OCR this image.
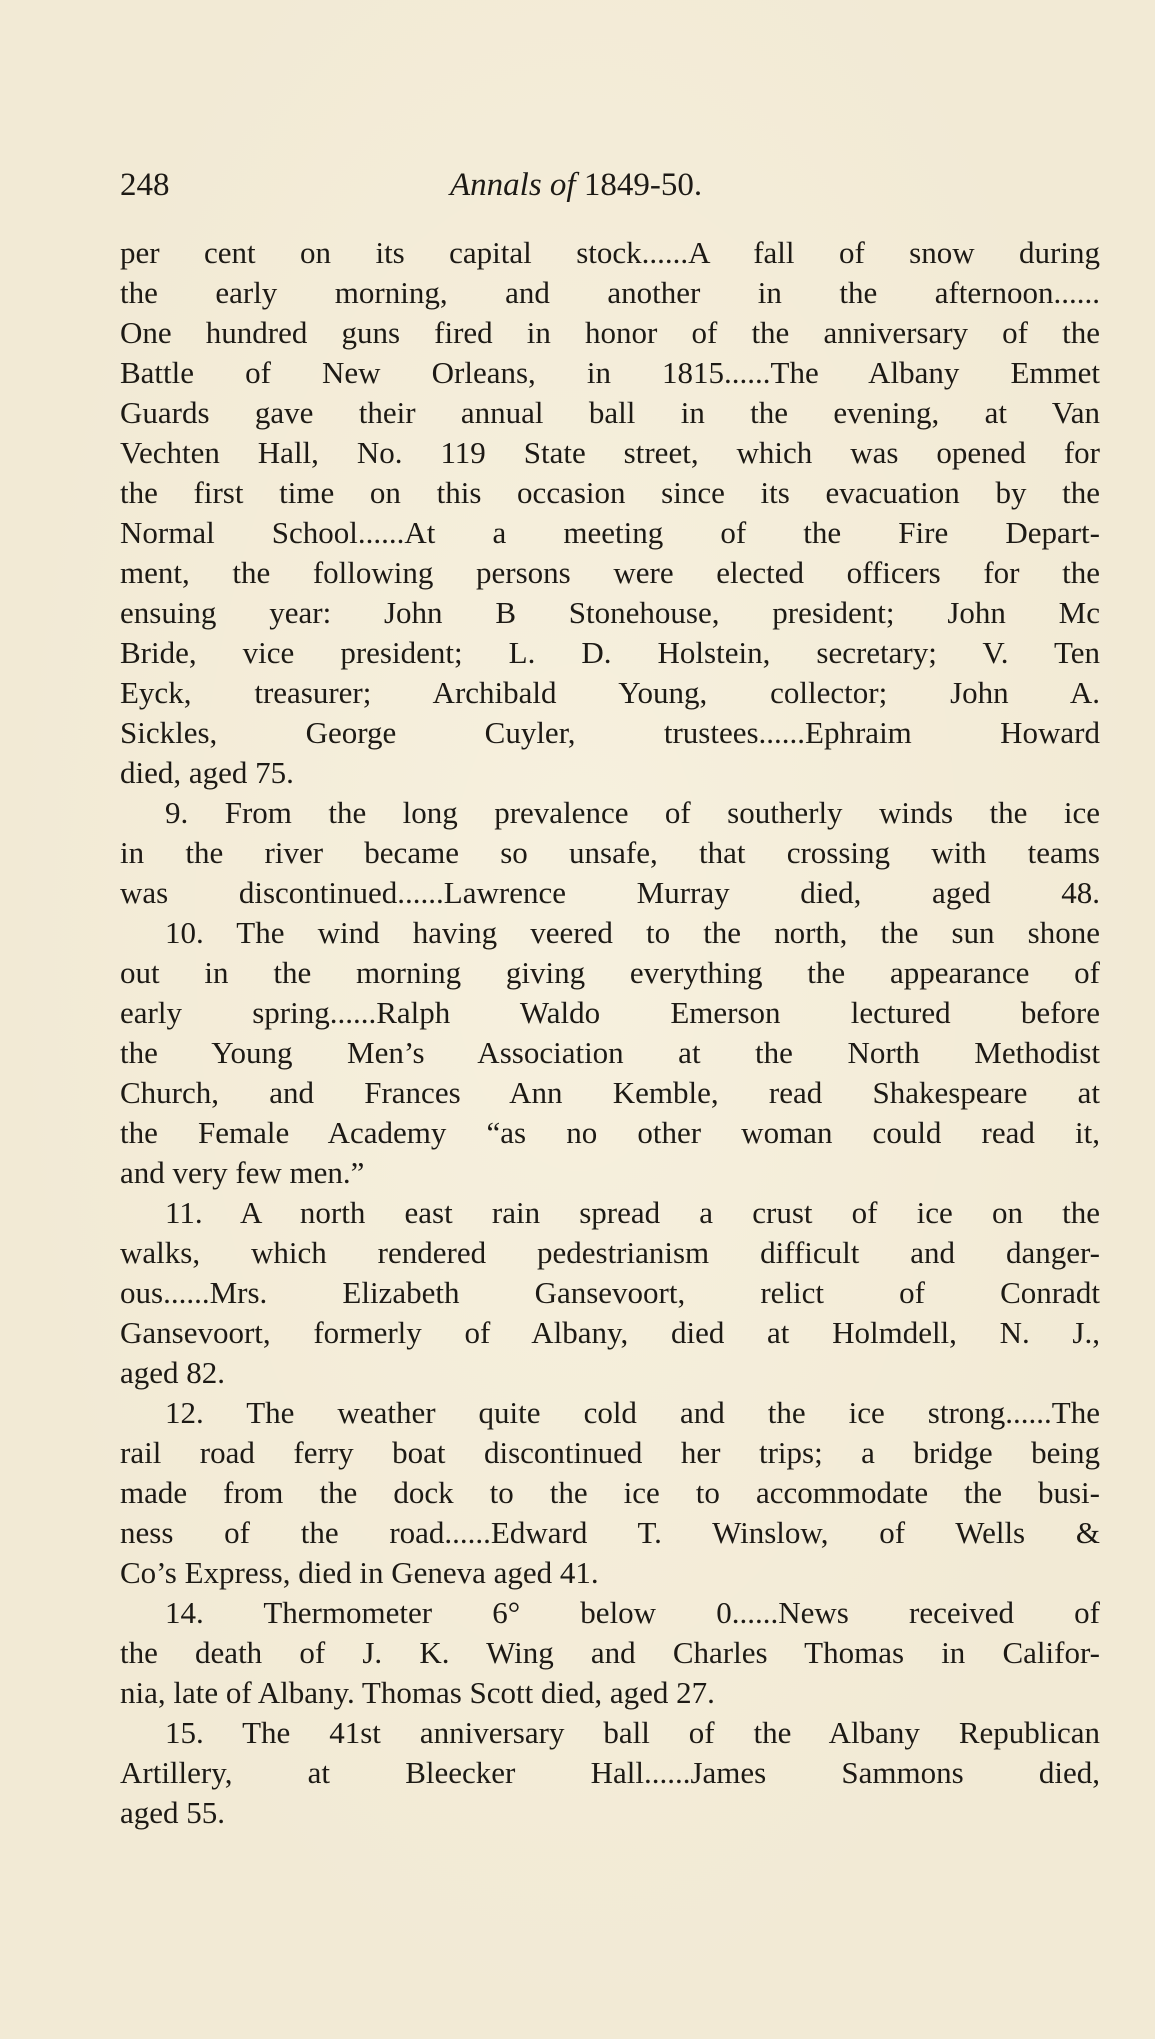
248	Annals of 1849-50.
per cent on its capital stock......A fall of snow during
the early morning, and another in the afternoon......
One hundred guns fired in honor of the anniversary of the
Battle of New Orleans, in 1815......The Albany Emmet
Guards gave their annual ball in the evening, at Van
Vechten Hall, No. 119 State street, which was opened for
the first time on this occasion since its evacuation by the
Normal School......At a meeting of the Fire Depart-
ment, the following persons were elected officers for the
ensuing year: John B Stonehouse, president; John Mc
Bride, vice president; L. D. Holstein, secretary; V. Ten
Eyck, treasurer; Archibald Young, collector; John A.
Sickles, George Cuyler, trustees......Ephraim Howard
died, aged 75.
9. From the long prevalence of southerly winds the ice
in the river became so unsafe, that crossing with teams
was discontinued......Lawrence Murray died, aged 48.
10. The wind having veered to the north, the sun shone
out in the morning giving everything the appearance of
early spring......Ralph Waldo Emerson lectured before
the Young Men’s Association at the North Methodist
Church, and Frances Ann Kemble, read Shakespeare at
the Female Academy “as no other woman could read it,
and very few men.”
11. A north east rain spread a crust of ice on the
walks, which rendered pedestrianism difficult and danger-
ous......Mrs. Elizabeth Gansevoort, relict of Conradt
Gansevoort, formerly of Albany, died at Holmdell, N. J.,
aged 82.
12. The weather quite cold and the ice strong......The
rail road ferry boat discontinued her trips; a bridge being
made from the dock to the ice to accommodate the busi-
ness of the road......Edward T. Winslow, of Wells &
Co’s Express, died in Geneva aged 41.
14. Thermometer 6° below 0......News received of
the death of J. K. Wing and Charles Thomas in Califor-
nia, late of Albany. Thomas Scott died, aged 27.
15. The 41st anniversary ball of the Albany Republican
Artillery, at Bleecker Hall......James Sammons died,
aged 55.
